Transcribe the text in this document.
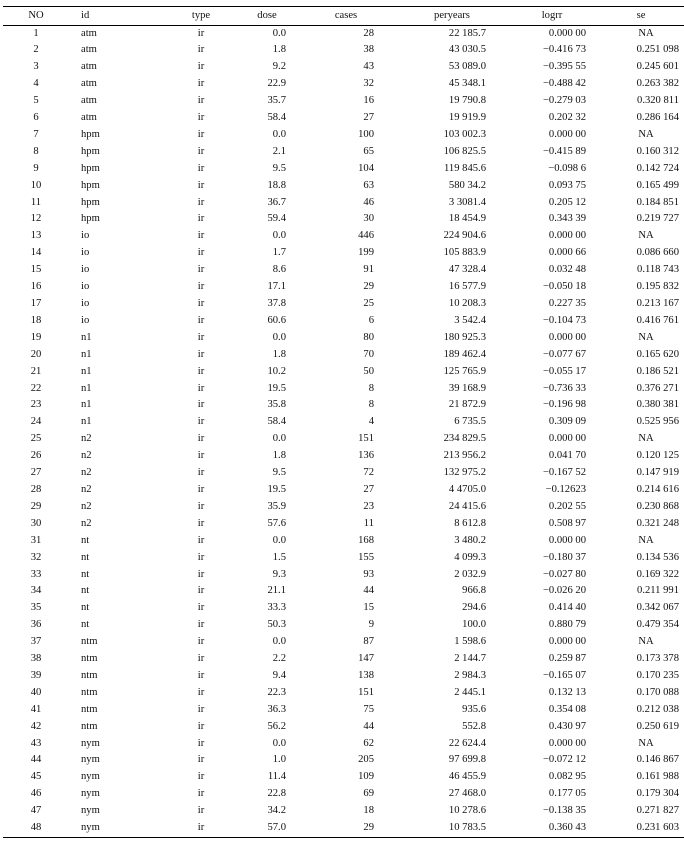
NO	id	type	dose	cases	peryears	logrr	se
1	atm	ir	0.0	28	22 185.7	0.000 00	NA
2	atm	ir	1.8	38	43 030.5	−0.416 73	0.251 098
3	atm	ir	9.2	43	53 089.0	−0.395 55	0.245 601
4	atm	ir	22.9	32	45 348.1	−0.488 42	0.263 382
5	atm	ir	35.7	16	19 790.8	−0.279 03	0.320 811
6	atm	ir	58.4	27	19 919.9	0.202 32	0.286 164
7	hpm	ir	0.0	100	103 002.3	0.000 00	NA
8	hpm	ir	2.1	65	106 825.5	−0.415 89	0.160 312
9	hpm	ir	9.5	104	119 845.6	−0.098 6	0.142 724
10	hpm	ir	18.8	63	580 34.2	0.093 75	0.165 499
11	hpm	ir	36.7	46	3 3081.4	0.205 12	0.184 851
12	hpm	ir	59.4	30	18 454.9	0.343 39	0.219 727
13	io	ir	0.0	446	224 904.6	0.000 00	NA
14	io	ir	1.7	199	105 883.9	0.000 66	0.086 660
15	io	ir	8.6	91	47 328.4	0.032 48	0.118 743
16	io	ir	17.1	29	16 577.9	−0.050 18	0.195 832
17	io	ir	37.8	25	10 208.3	0.227 35	0.213 167
18	io	ir	60.6	6	3 542.4	−0.104 73	0.416 761
19	n1	ir	0.0	80	180 925.3	0.000 00	NA
20	n1	ir	1.8	70	189 462.4	−0.077 67	0.165 620
21	n1	ir	10.2	50	125 765.9	−0.055 17	0.186 521
22	n1	ir	19.5	8	39 168.9	−0.736 33	0.376 271
23	n1	ir	35.8	8	21 872.9	−0.196 98	0.380 381
24	n1	ir	58.4	4	6 735.5	0.309 09	0.525 956
25	n2	ir	0.0	151	234 829.5	0.000 00	NA
26	n2	ir	1.8	136	213 956.2	0.041 70	0.120 125
27	n2	ir	9.5	72	132 975.2	−0.167 52	0.147 919
28	n2	ir	19.5	27	4 4705.0	−0.12623	0.214 616
29	n2	ir	35.9	23	24 415.6	0.202 55	0.230 868
30	n2	ir	57.6	11	8 612.8	0.508 97	0.321 248
31	nt	ir	0.0	168	3 480.2	0.000 00	NA
32	nt	ir	1.5	155	4 099.3	−0.180 37	0.134 536
33	nt	ir	9.3	93	2 032.9	−0.027 80	0.169 322
34	nt	ir	21.1	44	966.8	−0.026 20	0.211 991
35	nt	ir	33.3	15	294.6	0.414 40	0.342 067
36	nt	ir	50.3	9	100.0	0.880 79	0.479 354
37	ntm	ir	0.0	87	1 598.6	0.000 00	NA
38	ntm	ir	2.2	147	2 144.7	0.259 87	0.173 378
39	ntm	ir	9.4	138	2 984.3	−0.165 07	0.170 235
40	ntm	ir	22.3	151	2 445.1	0.132 13	0.170 088
41	ntm	ir	36.3	75	935.6	0.354 08	0.212 038
42	ntm	ir	56.2	44	552.8	0.430 97	0.250 619
43	nym	ir	0.0	62	22 624.4	0.000 00	NA
44	nym	ir	1.0	205	97 699.8	−0.072 12	0.146 867
45	nym	ir	11.4	109	46 455.9	0.082 95	0.161 988
46	nym	ir	22.8	69	27 468.0	0.177 05	0.179 304
47	nym	ir	34.2	18	10 278.6	−0.138 35	0.271 827
48	nym	ir	57.0	29	10 783.5	0.360 43	0.231 603
